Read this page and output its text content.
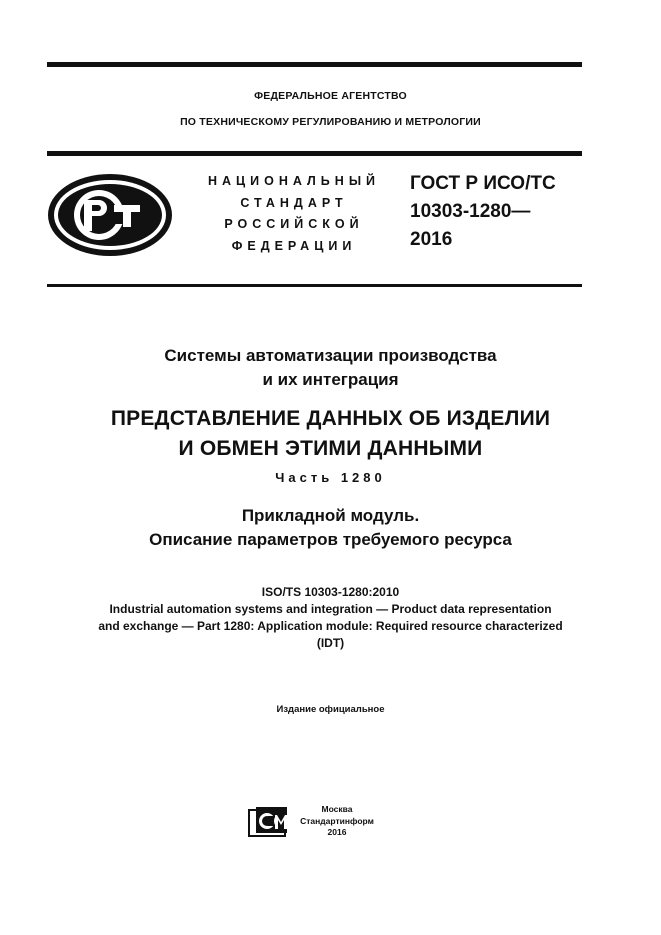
ФЕДЕРАЛЬНОЕ АГЕНТСТВО
ПО ТЕХНИЧЕСКОМУ РЕГУЛИРОВАНИЮ И МЕТРОЛОГИИ
НАЦИОНАЛЬНЫЙ
СТАНДАРТ
РОССИЙСКОЙ
ФЕДЕРАЦИИ
ГОСТ Р ИСО/ТС
10303-1280—
2016
Системы автоматизации производства
и их интеграция
ПРЕДСТАВЛЕНИЕ ДАННЫХ ОБ ИЗДЕЛИИ
И ОБМЕН ЭТИМИ ДАННЫМИ
Часть 1280
Прикладной модуль.
Описание параметров требуемого ресурса
ISO/TS 10303-1280:2010
Industrial automation systems and integration — Product data representation
and exchange — Part 1280: Application module: Required resource characterized
(IDT)
Издание официальное
Москва
Стандартинформ
2016
